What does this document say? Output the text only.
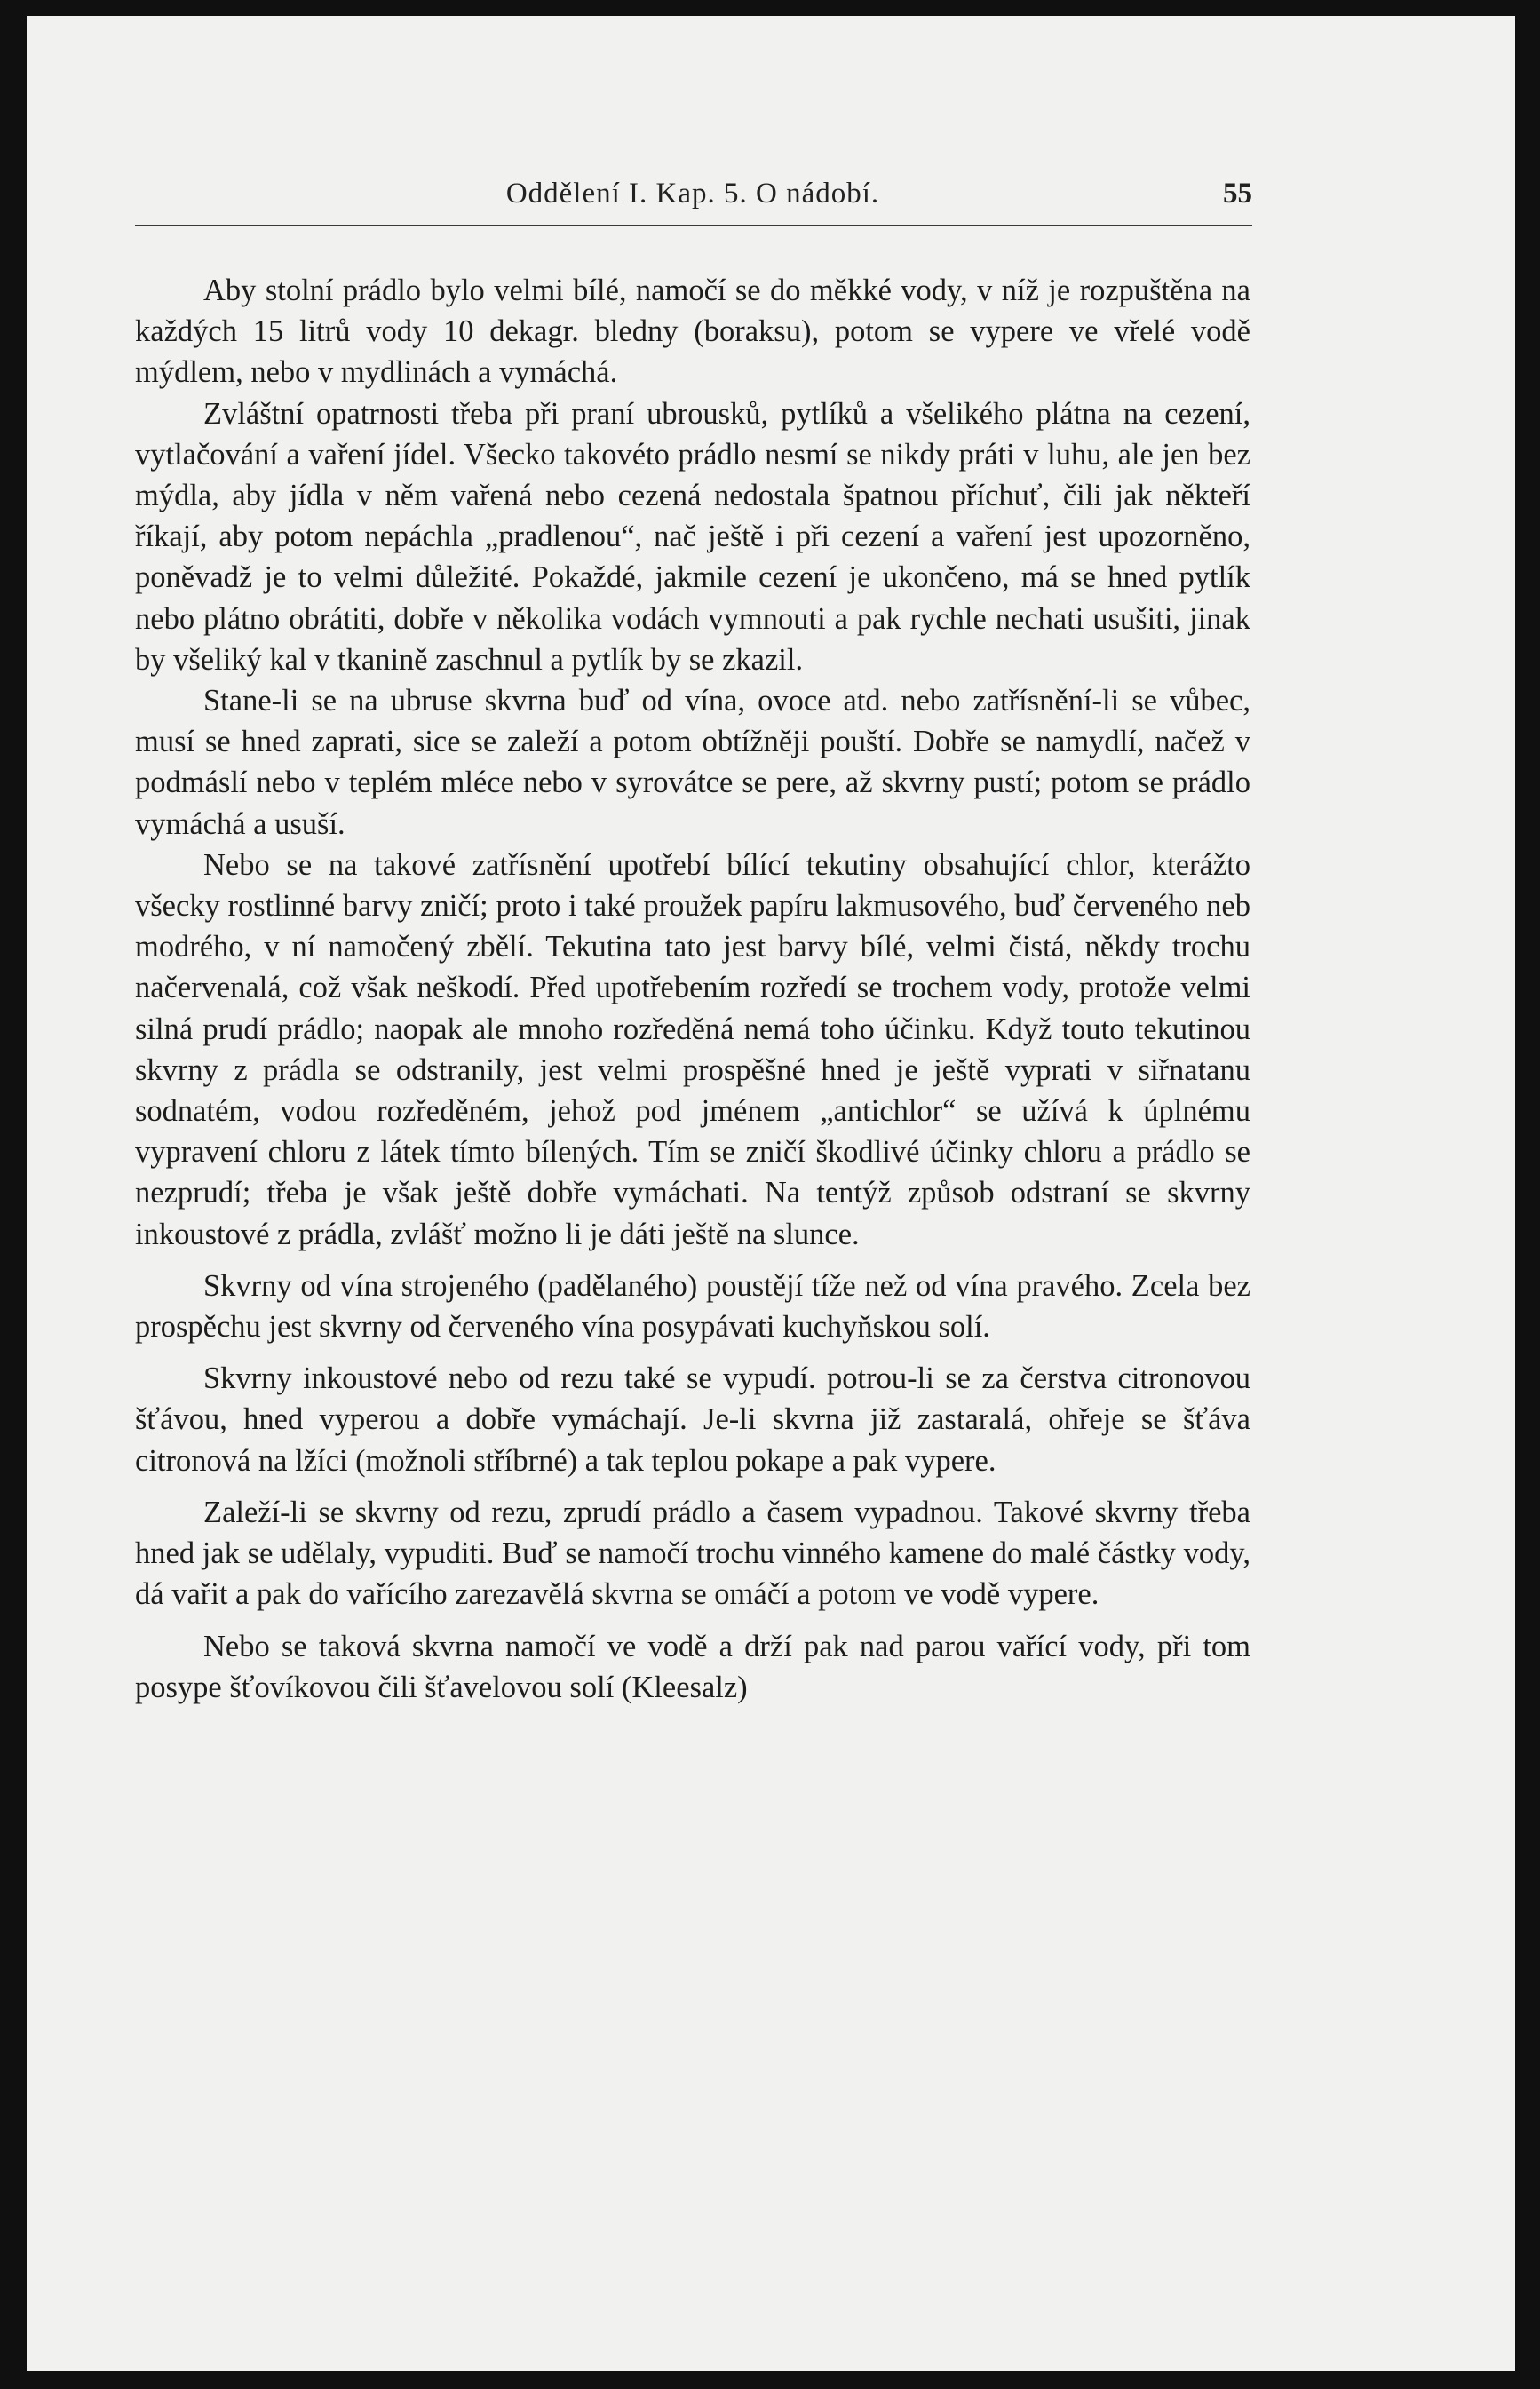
Oddělení I. Kap. 5. O nádobí.	55

Aby stolní prádlo bylo velmi bílé, namočí se do měkké vody, v níž je rozpuštěna na každých 15 litrů vody 10 dekagr. bledny (boraksu), potom se vypere ve vřelé vodě mýdlem, nebo v mydlinách a vymáchá.

Zvláštní opatrnosti třeba při praní ubrousků, pytlíků a všelikého plátna na cezení, vytlačování a vaření jídel. Všecko takovéto prádlo nesmí se nikdy práti v luhu, ale jen bez mýdla, aby jídla v něm vařená nebo cezená nedostala špatnou příchuť, čili jak někteří říkají, aby potom nepáchla „pradlenou“, nač ještě i při cezení a vaření jest upozorněno, poněvadž je to velmi důležité. Pokaždé, jakmile cezení je ukončeno, má se hned pytlík nebo plátno obrátiti, dobře v několika vodách vymnouti a pak rychle nechati usušiti, jinak by všeliký kal v tkanině zaschnul a pytlík by se zkazil.

Stane-li se na ubruse skvrna buď od vína, ovoce atd. nebo zatřísnění-li se vůbec, musí se hned zaprati, sice se zaleží a potom obtížněji pouští. Dobře se namydlí, načež v podmáslí nebo v teplém mléce nebo v syrovátce se pere, až skvrny pustí; potom se prádlo vymáchá a usuší.

Nebo se na takové zatřísnění upotřebí bílící tekutiny obsahující chlor, kterážto všecky rostlinné barvy zničí; proto i také proužek papíru lakmusového, buď červeného neb modrého, v ní namočený zbělí. Tekutina tato jest barvy bílé, velmi čistá, někdy trochu načervenalá, což však neškodí. Před upotřebením rozředí se trochem vody, protože velmi silná prudí prádlo; naopak ale mnoho rozředěná nemá toho účinku. Když touto tekutinou skvrny z prádla se odstranily, jest velmi prospěšné hned je ještě vyprati v siřnatanu sodnatém, vodou rozředěném, jehož pod jménem „antichlor“ se užívá k úplnému vypravení chloru z látek tímto bílených. Tím se zničí škodlivé účinky chloru a prádlo se nezprudí; třeba je však ještě dobře vymáchati. Na tentýž způsob odstraní se skvrny inkoustové z prádla, zvlášť možno li je dáti ještě na slunce.

Skvrny od vína strojeného (padělaného) poustějí tíže než od vína pravého. Zcela bez prospěchu jest skvrny od červeného vína posypávati kuchyňskou solí.

Skvrny inkoustové nebo od rezu také se vypudí. potrou-li se za čerstva citronovou šťávou, hned vyperou a dobře vymáchají. Je-li skvrna již zastaralá, ohřeje se šťáva citronová na lžíci (možnoli stříbrné) a tak teplou pokape a pak vypere.

Zaleží-li se skvrny od rezu, zprudí prádlo a časem vypadnou. Takové skvrny třeba hned jak se udělaly, vypuditi. Buď se namočí trochu vinného kamene do malé částky vody, dá vařit a pak do vařícího zarezavělá skvrna se omáčí a potom ve vodě vypere.

Nebo se taková skvrna namočí ve vodě a drží pak nad parou vařící vody, při tom posype šťovíkovou čili šťavelovou solí (Kleesalz)
